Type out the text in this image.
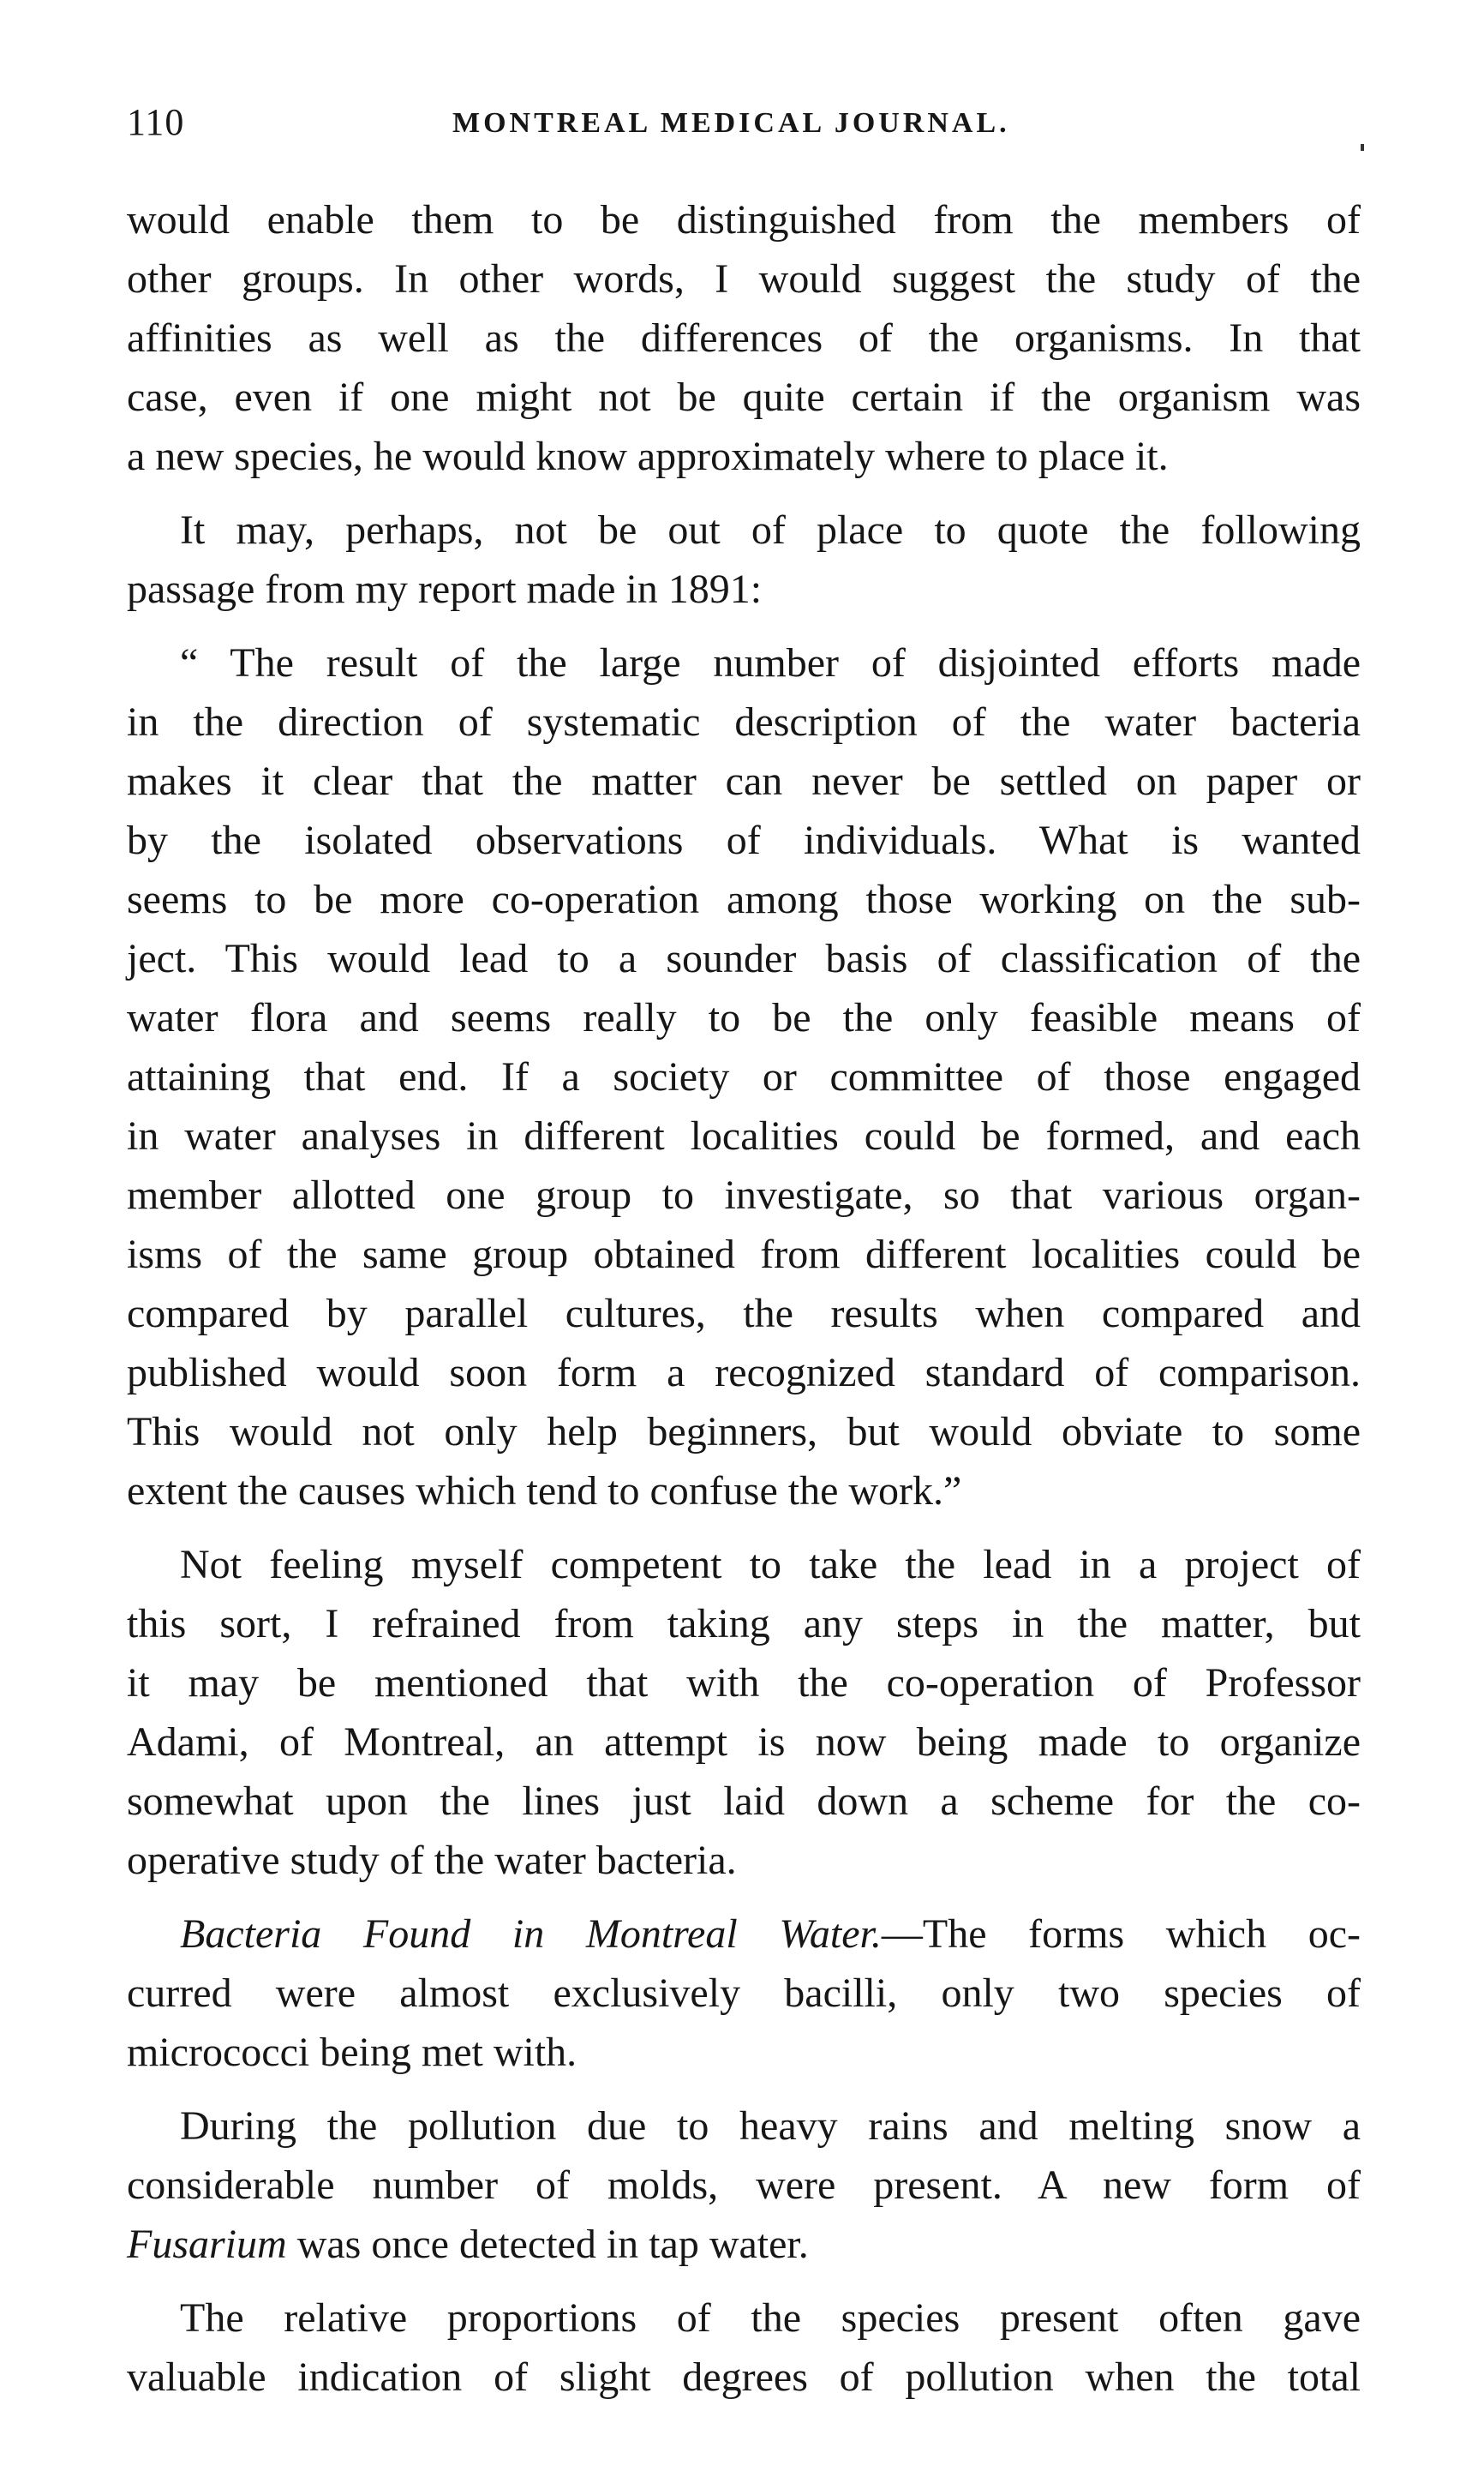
110	MONTREAL MEDICAL JOURNAL.
would enable them to be distinguished from the members of
other groups. In other words, I would suggest the study of the
affinities as well as the differences of the organisms. In that
case, even if one might not be quite certain if the organism was
a new species, he would know approximately where to place it.
It may, perhaps, not be out of place to quote the following
passage from my report made in 1891:
“ The result of the large number of disjointed efforts made
in the direction of systematic description of the water bacteria
makes it clear that the matter can never be settled on paper or
by the isolated observations of individuals. What is wanted
seems to be more co-operation among those working on the sub-
ject. This would lead to a sounder basis of classification of the
water flora and seems really to be the only feasible means of
attaining that end. If a society or committee of those engaged
in water analyses in different localities could be formed, and each
member allotted one group to investigate, so that various organ-
isms of the same group obtained from different localities could be
compared by parallel cultures, the results when compared and
published would soon form a recognized standard of comparison.
This would not only help beginners, but would obviate to some
extent the causes which tend to confuse the work.”
Not feeling myself competent to take the lead in a project of
this sort, I refrained from taking any steps in the matter, but
it may be mentioned that with the co-operation of Professor
Adami, of Montreal, an attempt is now being made to organize
somewhat upon the lines just laid down a scheme for the co-
operative study of the water bacteria.
Bacteria Found in Montreal Water.—The forms which oc-
curred were almost exclusively bacilli, only two species of
micrococci being met with.
During the pollution due to heavy rains and melting snow a
considerable number of molds, were present. A new form of
Fusarium was once detected in tap water.
The relative proportions of the species present often gave
valuable indication of slight degrees of pollution when the total
